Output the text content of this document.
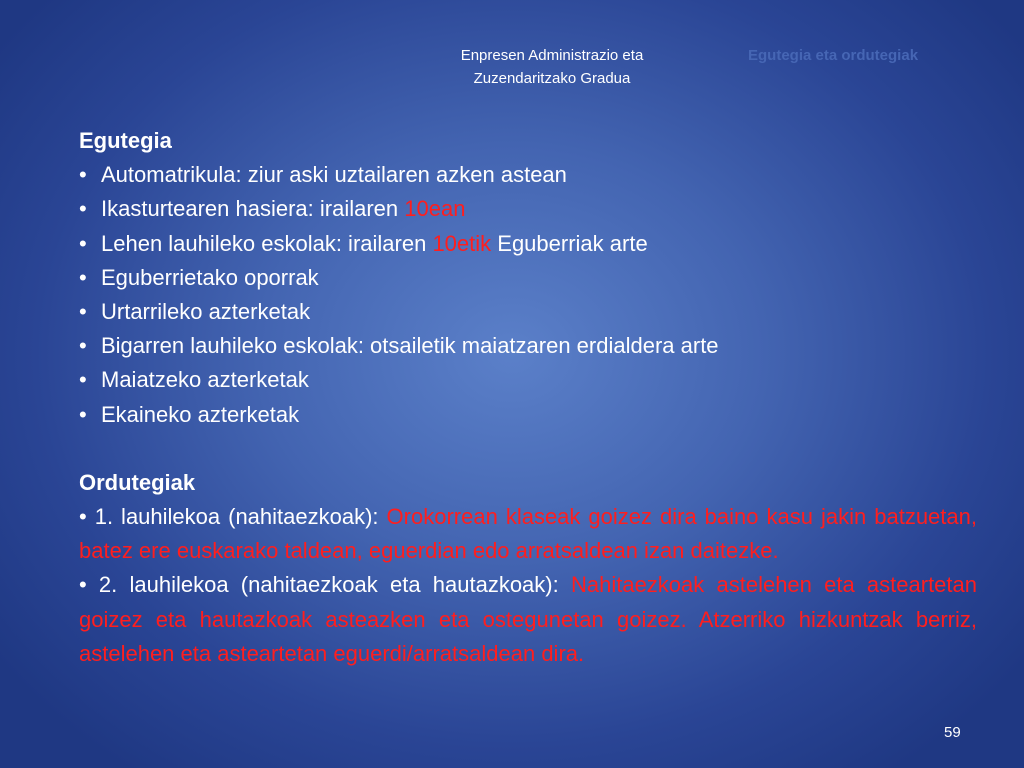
Enpresen Administrazio eta
Zuzendaritzako Gradua
Egutegia eta ordutegiak
Egutegia
• Automatrikula: ziur aski uztailaren azken astean
• Ikasturtearen hasiera: irailaren 10ean
• Lehen lauhileko eskolak: irailaren 10etik Eguberriak arte
• Eguberrietako oporrak
• Urtarrileko azterketak
• Bigarren lauhileko eskolak: otsailetik maiatzaren erdialdera arte
• Maiatzeko azterketak
• Ekaineko azterketak
Ordutegiak
• 1. lauhilekoa (nahitaezkoak): Orokorrean klaseak goizez dira baino kasu jakin batzuetan, batez ere euskarako taldean, eguerdian edo arratsaldean izan daitezke.
• 2. lauhilekoa (nahitaezkoak eta hautazkoak): Nahitaezkoak astelehen eta asteartetan goizez eta hautazkoak asteazken eta ostegunetan goizez. Atzerriko hizkuntzak berriz, astelehen eta asteartetan eguerdi/arratsaldean dira.
59
